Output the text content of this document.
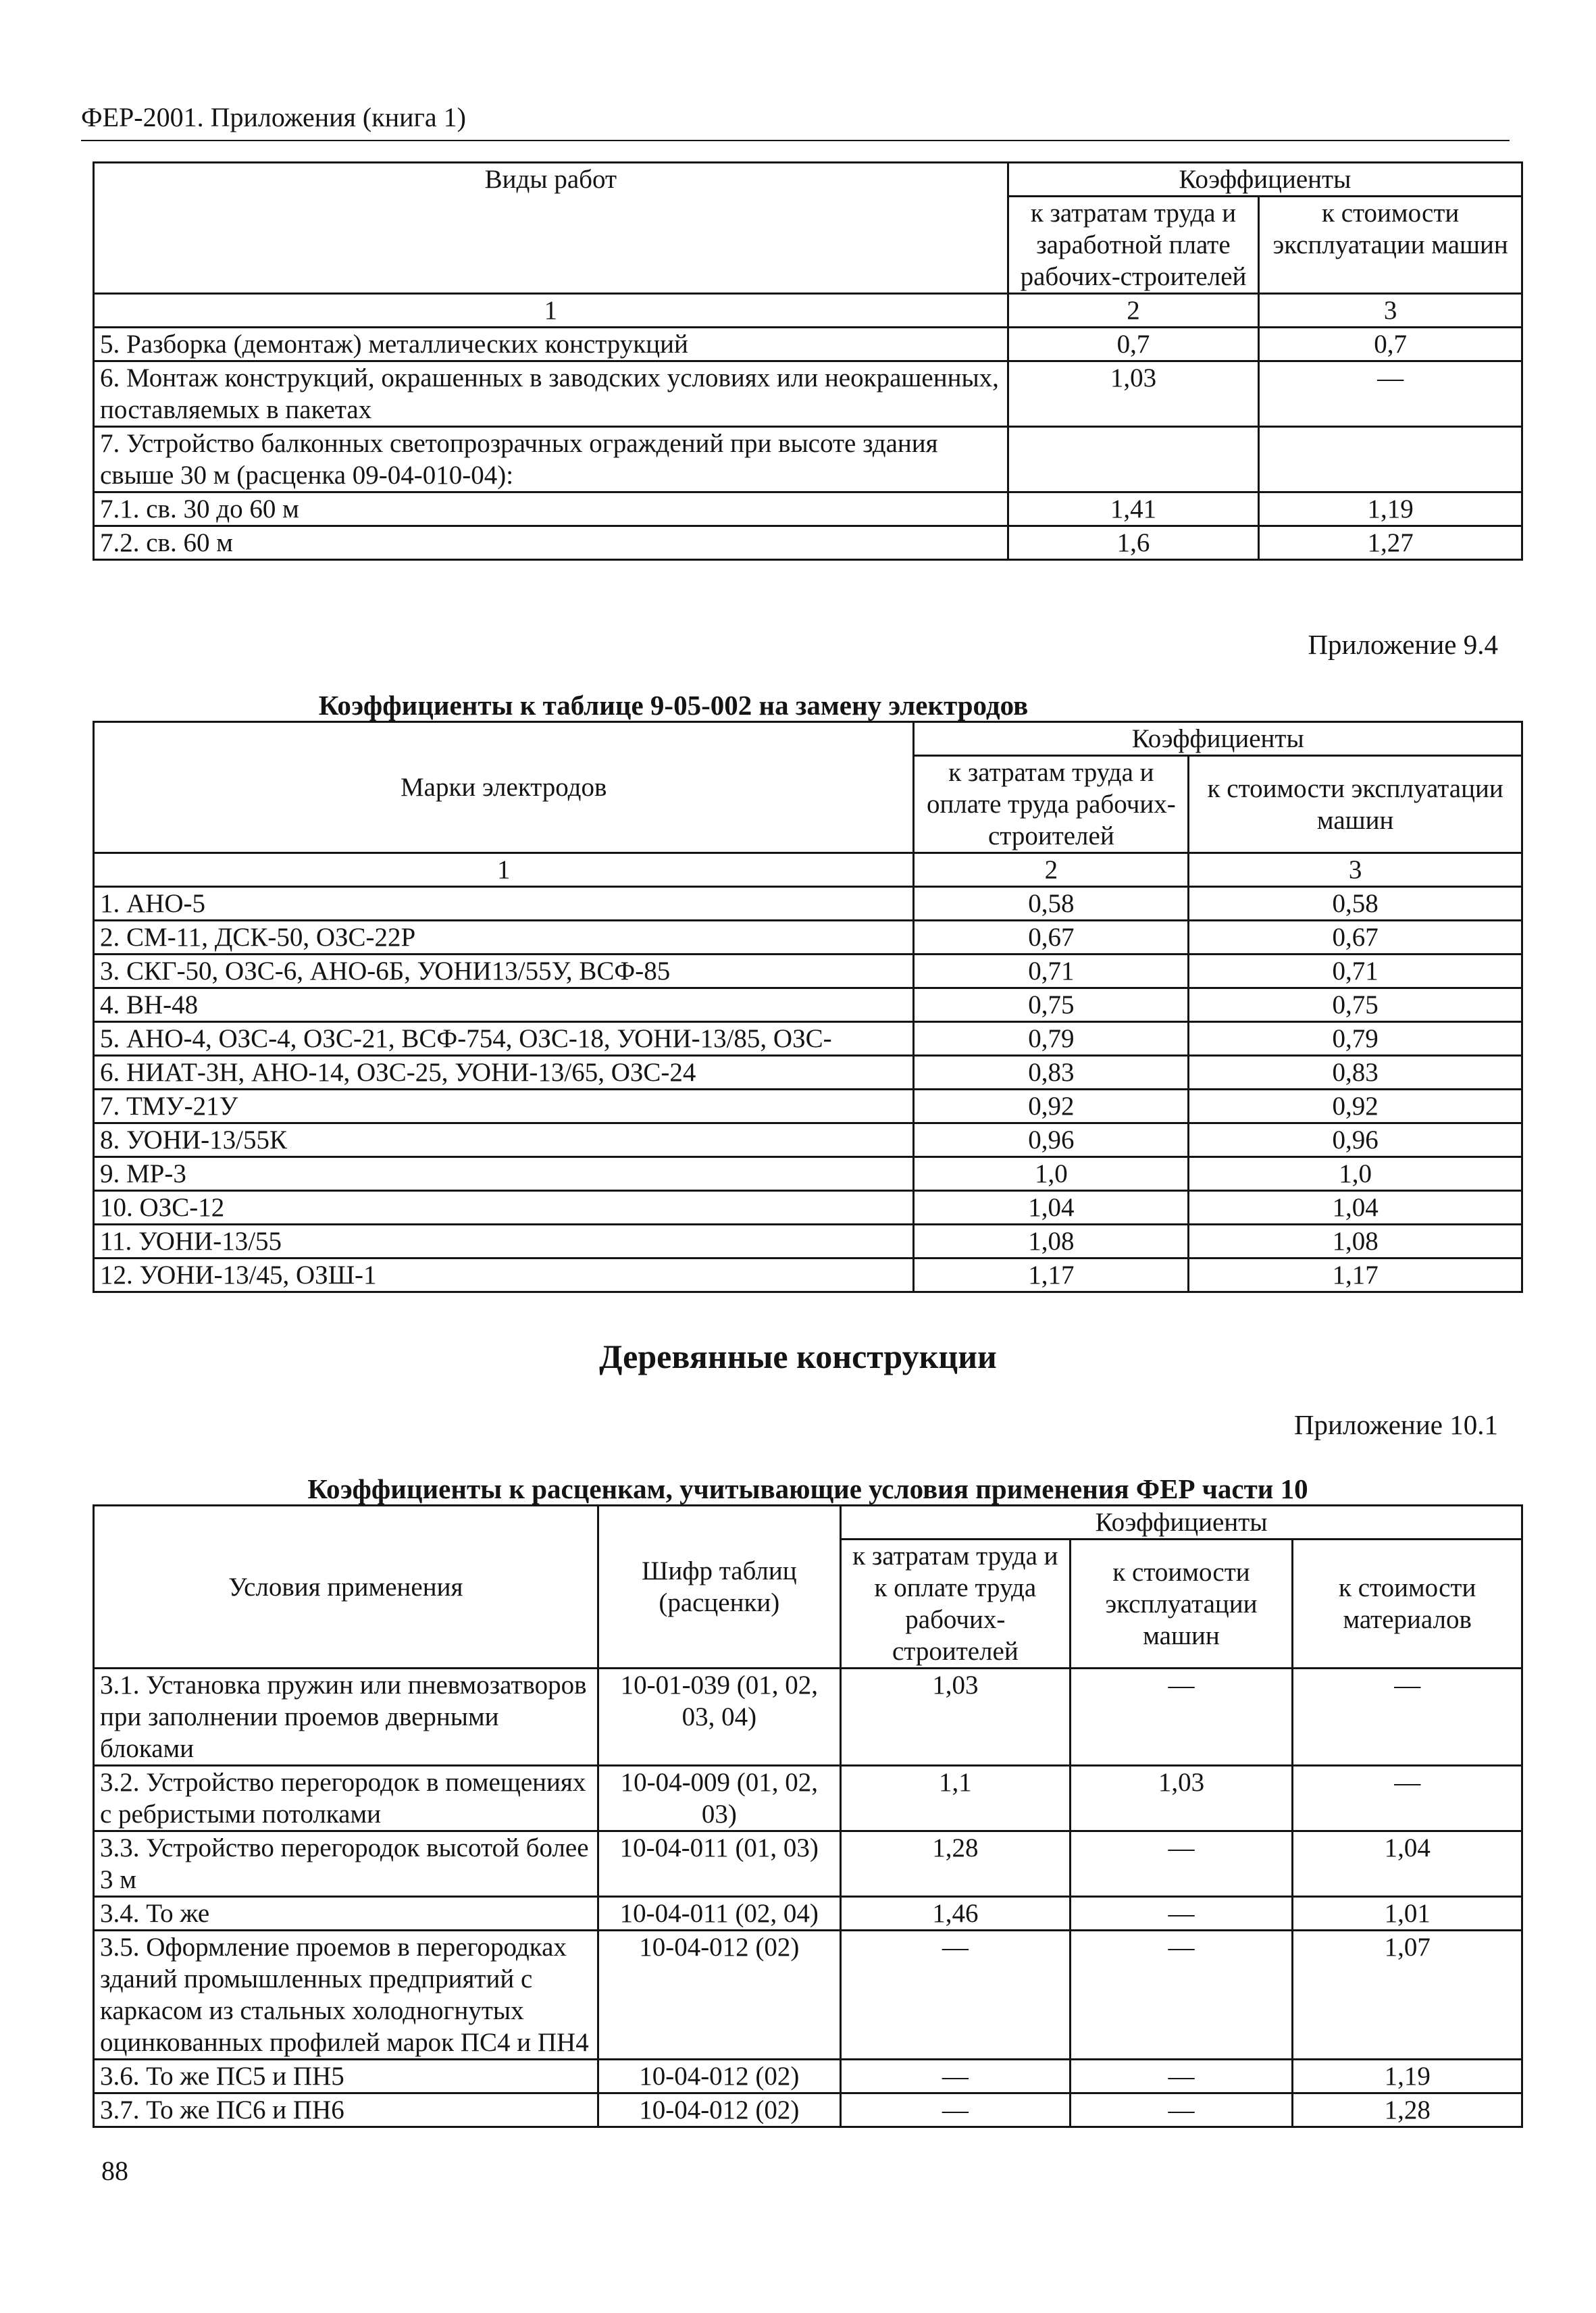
ФЕР-2001. Приложения (книга 1)
Виды работ	Коэффициенты	
	к затратам труда и заработной плате рабочих-строителей	к стоимости эксплуатации машин
1	2	3
5. Разборка (демонтаж) металлических конструкций	0,7	0,7
6. Монтаж конструкций, окрашенных в заводских условиях или неокрашенных, поставляемых в пакетах	1,03	—
7. Устройство балконных светопрозрачных ограждений при высоте здания свыше 30 м (расценка 09-04-010-04):		
7.1. св. 30 до 60 м	1,41	1,19
7.2. св. 60 м	1,6	1,27
Приложение 9.4
Коэффициенты к таблице 9-05-002 на замену электродов
Марки электродов	Коэффициенты	
	к затратам труда и оплате труда рабочих-строителей	к стоимости эксплуатации машин
1	2	3
1. АНО-5	0,58	0,58
2. СМ-11, ДСК-50, ОЗС-22Р	0,67	0,67
3. СКГ-50, ОЗС-6, АНО-6Б, УОНИ13/55У, ВСФ-85	0,71	0,71
4. ВН-48	0,75	0,75
5. АНО-4, ОЗС-4, ОЗС-21, ВСФ-754, ОЗС-18, УОНИ-13/85, ОЗС-	0,79	0,79
6. НИАТ-3Н, АНО-14, ОЗС-25, УОНИ-13/65, ОЗС-24	0,83	0,83
7. ТМУ-21У	0,92	0,92
8. УОНИ-13/55К	0,96	0,96
9. МР-3	1,0	1,0
10. ОЗС-12	1,04	1,04
11. УОНИ-13/55	1,08	1,08
12. УОНИ-13/45, ОЗШ-1	1,17	1,17
Деревянные конструкции
Приложение 10.1
Коэффициенты к расценкам, учитывающие условия применения ФЕР части 10
Условия применения	Шифр таблиц (расценки)	Коэффициенты		
		к затратам труда и к оплате труда рабочих-строителей	к стоимости эксплуатации машин	к стоимости материалов
3.1. Установка пружин или пневмозатворов при заполнении проемов дверными блоками	10-01-039 (01, 02, 03, 04)	1,03	—	—
3.2. Устройство перегородок в помещениях с ребристыми потолками	10-04-009 (01, 02, 03)	1,1	1,03	—
3.3. Устройство перегородок высотой более 3 м	10-04-011 (01, 03)	1,28	—	1,04
3.4. То же	10-04-011 (02, 04)	1,46	—	1,01
3.5. Оформление проемов в перегородках зданий промышленных предприятий с каркасом из стальных холодногнутых оцинкованных профилей марок ПС4 и ПН4	10-04-012 (02)	—	—	1,07
3.6. То же ПС5 и ПН5	10-04-012 (02)	—	—	1,19
3.7. То же ПС6 и ПН6	10-04-012 (02)	—	—	1,28
88
